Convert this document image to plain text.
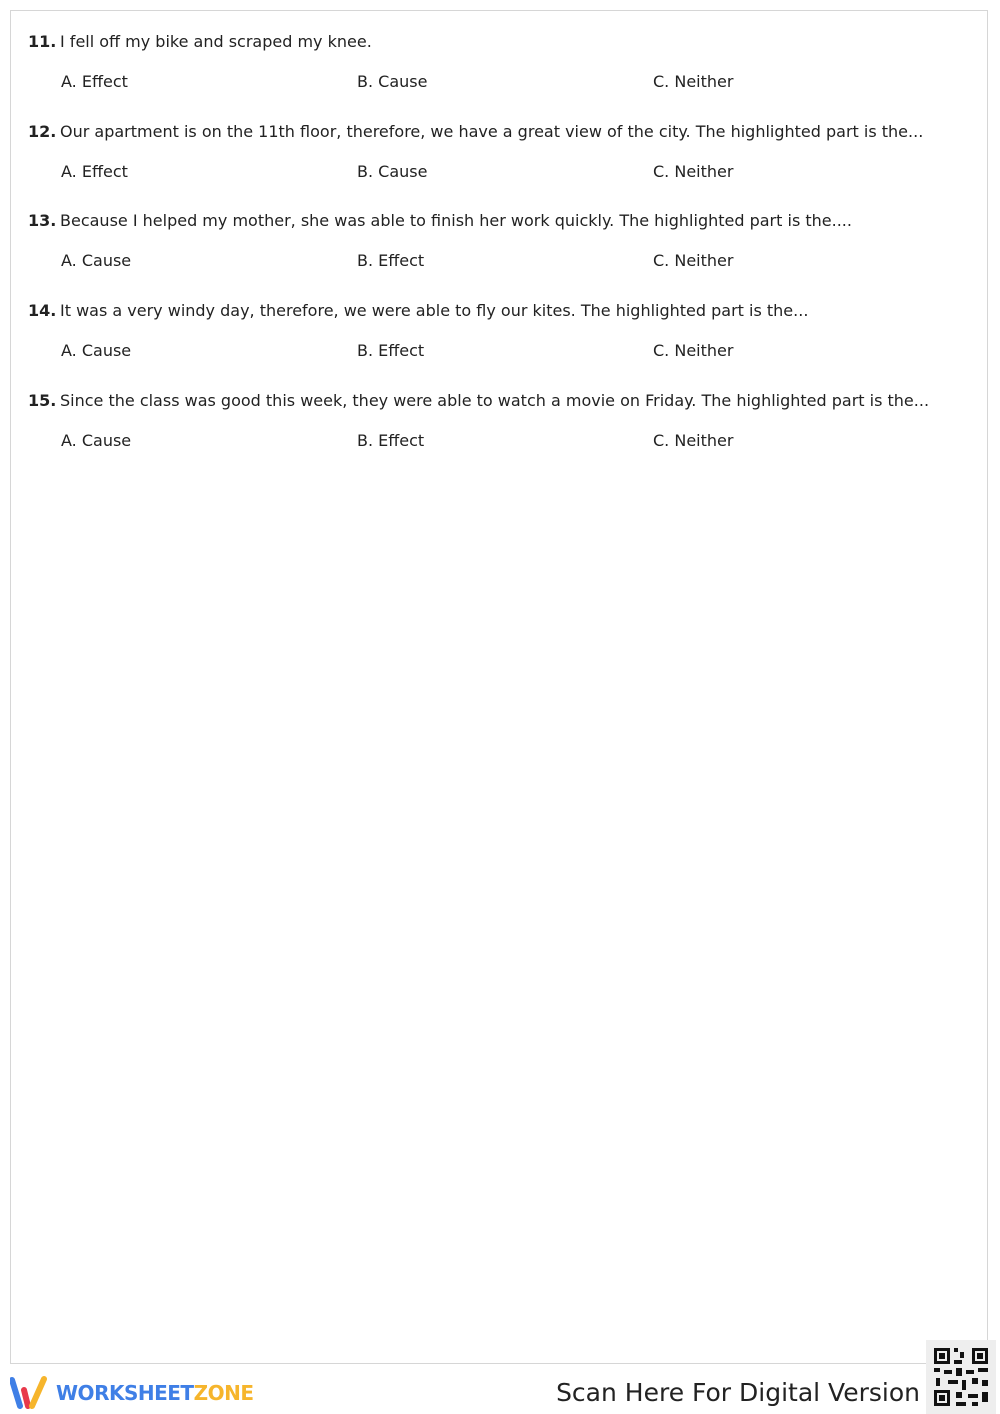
11. I fell off my bike and scraped my knee.
A. Effect	B. Cause	C. Neither
12. Our apartment is on the 11th floor, therefore, we have a great view of the city. The highlighted part is the...
A. Effect	B. Cause	C. Neither
13. Because I helped my mother, she was able to finish her work quickly. The highlighted part is the....
A. Cause	B. Effect	C. Neither
14. It was a very windy day, therefore, we were able to fly our kites. The highlighted part is the...
A. Cause	B. Effect	C. Neither
15. Since the class was good this week, they were able to watch a movie on Friday. The highlighted part is the...
A. Cause	B. Effect	C. Neither
WORKSHEET ZONE	Scan Here For Digital Version
